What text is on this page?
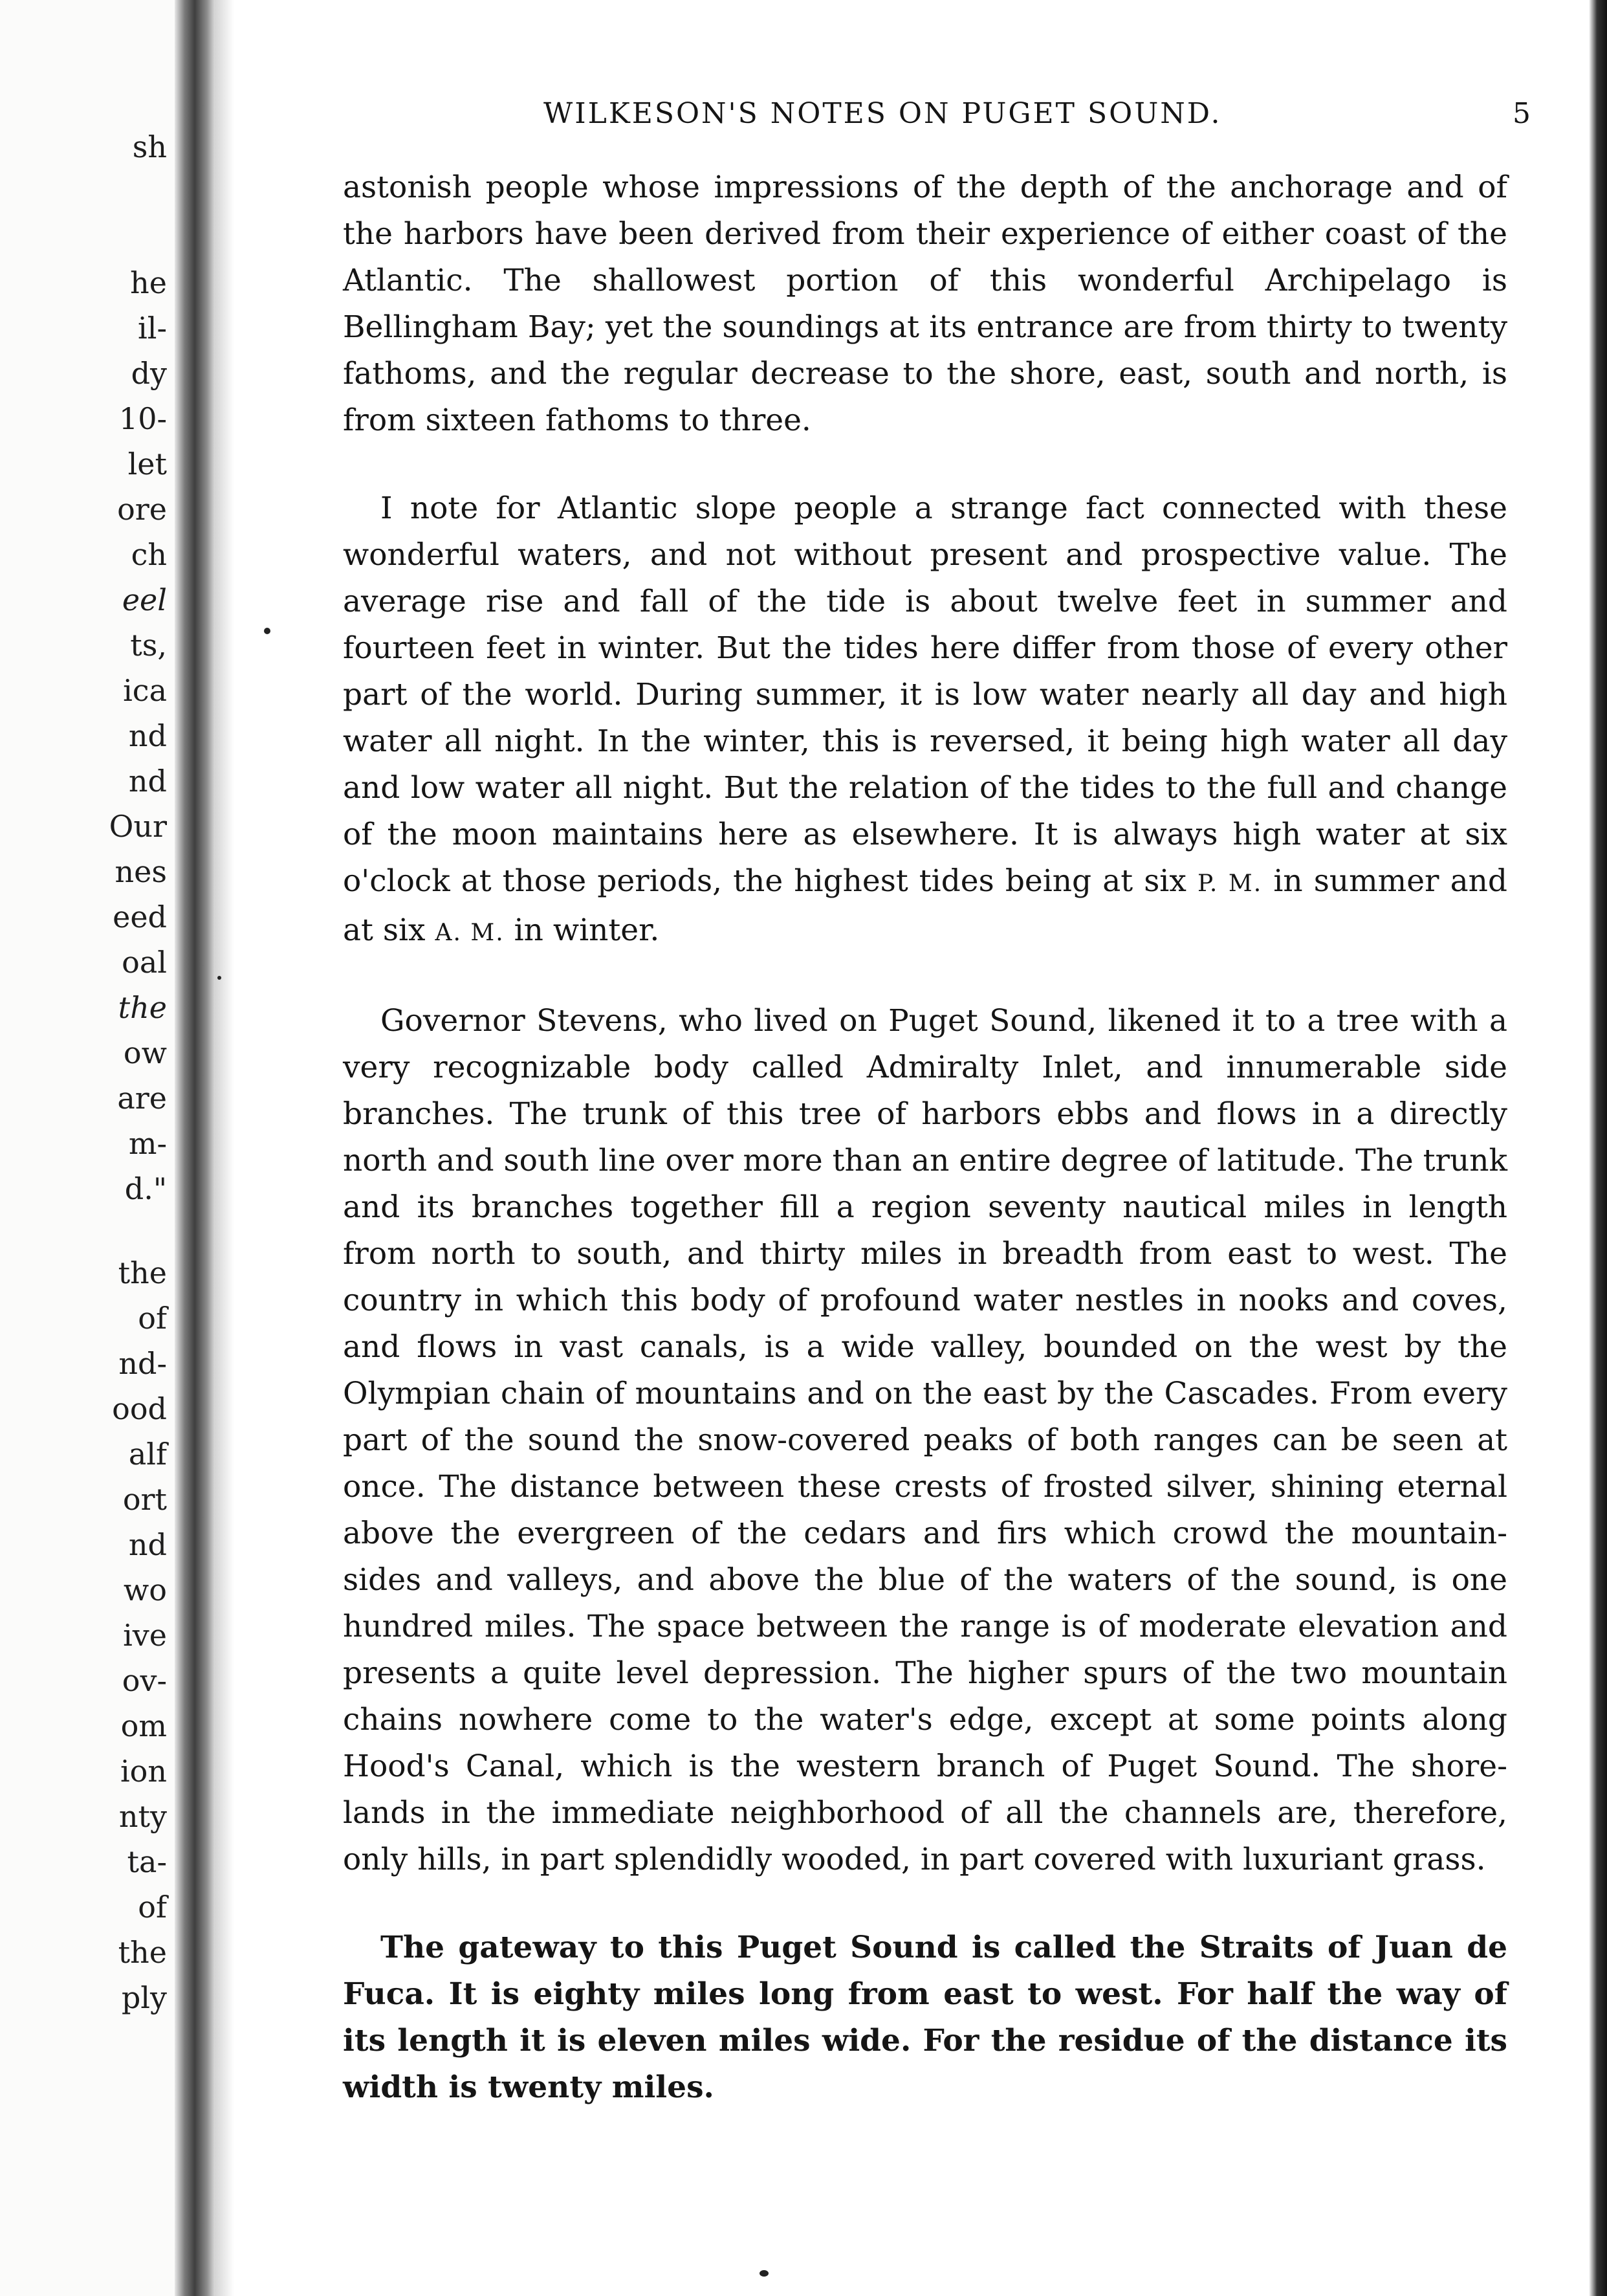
sh
he
il-
dy
10-
let
ore
ch
eel
ts,
ica
nd
nd
Our
nes
eed
oal
the
ow
are
m-
d."
the
of
nd-
ood
alf
ort
nd
wo
ive
ov-
om
ion
nty
ta-
of
the
ply
WILKESON'S NOTES ON PUGET SOUND.	5

astonish people whose impressions of the depth of the anchorage and of the harbors have been derived from their experience of either coast of the Atlantic. The shallowest portion of this wonderful Archipelago is Bellingham Bay; yet the soundings at its entrance are from thirty to twenty fathoms, and the regular decrease to the shore, east, south and north, is from sixteen fathoms to three.

I note for Atlantic slope people a strange fact connected with these wonderful waters, and not without present and prospective value. The average rise and fall of the tide is about twelve feet in summer and fourteen feet in winter. But the tides here differ from those of every other part of the world. During summer, it is low water nearly all day and high water all night. In the winter, this is reversed, it being high water all day and low water all night. But the relation of the tides to the full and change of the moon maintains here as elsewhere. It is always high water at six o'clock at those periods, the highest tides being at six P. M. in summer and at six A. M. in winter.

Governor Stevens, who lived on Puget Sound, likened it to a tree with a very recognizable body called Admiralty Inlet, and innumerable side branches. The trunk of this tree of harbors ebbs and flows in a directly north and south line over more than an entire degree of latitude. The trunk and its branches together fill a region seventy nautical miles in length from north to south, and thirty miles in breadth from east to west. The country in which this body of profound water nestles in nooks and coves, and flows in vast canals, is a wide valley, bounded on the west by the Olympian chain of mountains and on the east by the Cascades. From every part of the sound the snow-covered peaks of both ranges can be seen at once. The distance between these crests of frosted silver, shining eternal above the evergreen of the cedars and firs which crowd the mountain-sides and valleys, and above the blue of the waters of the sound, is one hundred miles. The space between the range is of moderate elevation and presents a quite level depression. The higher spurs of the two mountain chains nowhere come to the water's edge, except at some points along Hood's Canal, which is the western branch of Puget Sound. The shore-lands in the immediate neighborhood of all the channels are, therefore, only hills, in part splendidly wooded, in part covered with luxuriant grass.

The gateway to this Puget Sound is called the Straits of Juan de Fuca. It is eighty miles long from east to west. For half the way of its length it is eleven miles wide. For the residue of the distance its width is twenty miles.
